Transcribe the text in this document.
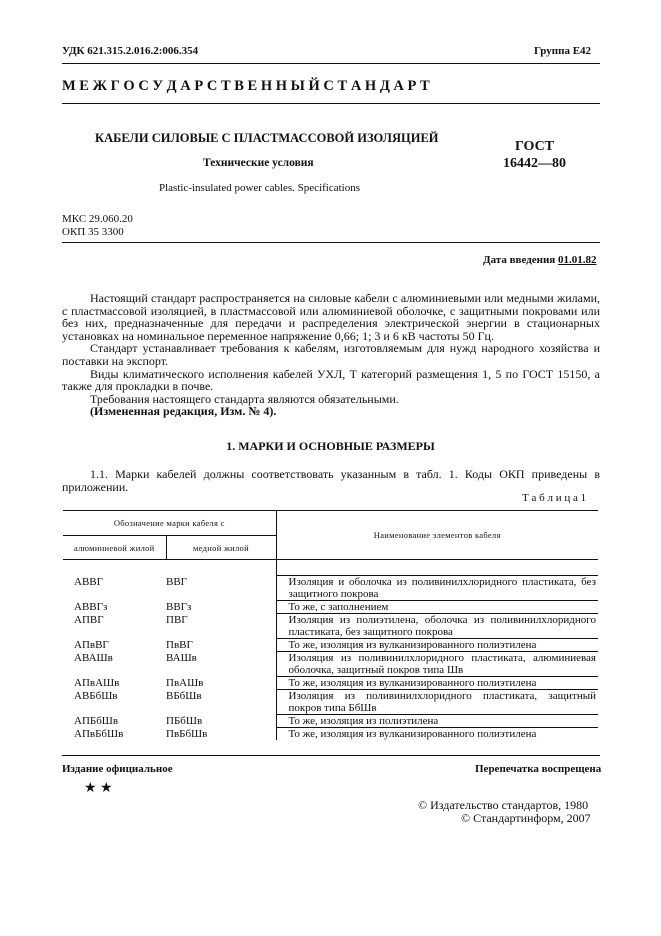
УДК 621.315.2.016.2:006.354	Группа Е42
М Е Ж Г О С У Д А Р С Т В Е Н Н Ы Й С Т А Н Д А Р Т
КАБЕЛИ СИЛОВЫЕ С ПЛАСТМАССОВОЙ ИЗОЛЯЦИЕЙ
Технические условия
Plastic-insulated power cables. Specifications
ГОСТ
16442—80
МКС 29.060.20
ОКП 35 3300
Дата введения 01.01.82

Настоящий стандарт распространяется на силовые кабели с алюминиевыми или медными жилами, с пластмассовой изоляцией, в пластмассовой или алюминиевой оболочке, с защитными покровами или без них, предназначенные для передачи и распределения электрической энергии в стационарных установках на номинальное переменное напряжение 0,66; 1; 3 и 6 кВ частоты 50 Гц.

Стандарт устанавливает требования к кабелям, изготовляемым для нужд народного хозяйства и поставки на экспорт.

Виды климатического исполнения кабелей УХЛ, Т категорий размещения 1, 5 по ГОСТ 15150, а также для прокладки в почве.

Требования настоящего стандарта являются обязательными.

(Измененная редакция, Изм. № 4).

1. МАРКИ И ОСНОВНЫЕ РАЗМЕРЫ

1.1. Марки кабелей должны соответствовать указанным в табл. 1. Коды ОКП приведены в приложении.

Т а б л и ц а 1
Обозначение марки кабеля с		Наименование элементов кабеля
алюминиевой жилой	медной жилой	

АВВГ	ВВГ	Изоляция и оболочка из поливинилхлоридного пластиката, без защитного покрова
АВВГз	ВВГз	То же, с заполнением
АПВГ	ПВГ	Изоляция из полиэтилена, оболочка из поливинилхлоридного пластиката, без защитного покрова
АПвВГ	ПвВГ	То же, изоляция из вулканизированного полиэтилена
АВАШв	ВАШв	Изоляция из поливинилхлоридного пластиката, алюминиевая оболочка, защитный покров типа Шв
АПвАШв	ПвАШв	То же, изоляция из вулканизированного полиэтилена
АВБбШв	ВБбШв	Изоляция из поливинилхлоридного пластиката, защитный покров типа БбШв
АПБбШв	ПБбШв	То же, изоляция из полиэтилена
АПвБбШв	ПвБбШв	То же, изоляция из вулканизированного полиэтилена
Издание официальное	Перепечатка воспрещена
★ ★
© Издательство стандартов, 1980
© Стандартинформ, 2007
